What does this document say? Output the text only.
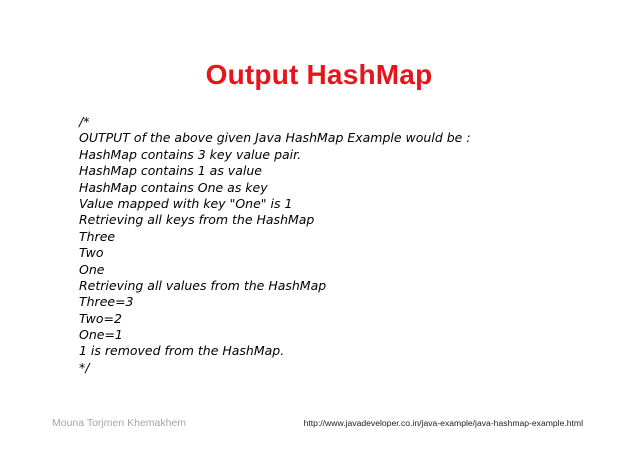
Output HashMap
/*
OUTPUT of the above given Java HashMap Example would be :
HashMap contains 3 key value pair.
HashMap contains 1 as value
HashMap contains One as key
Value mapped with key "One" is 1
Retrieving all keys from the HashMap
Three
Two
One
Retrieving all values from the HashMap
Three=3
Two=2
One=1
1 is removed from the HashMap.
*/
Mouna Torjmen Khemakhem	http://www.javadeveloper.co.in/java-example/java-hashmap-example.html
